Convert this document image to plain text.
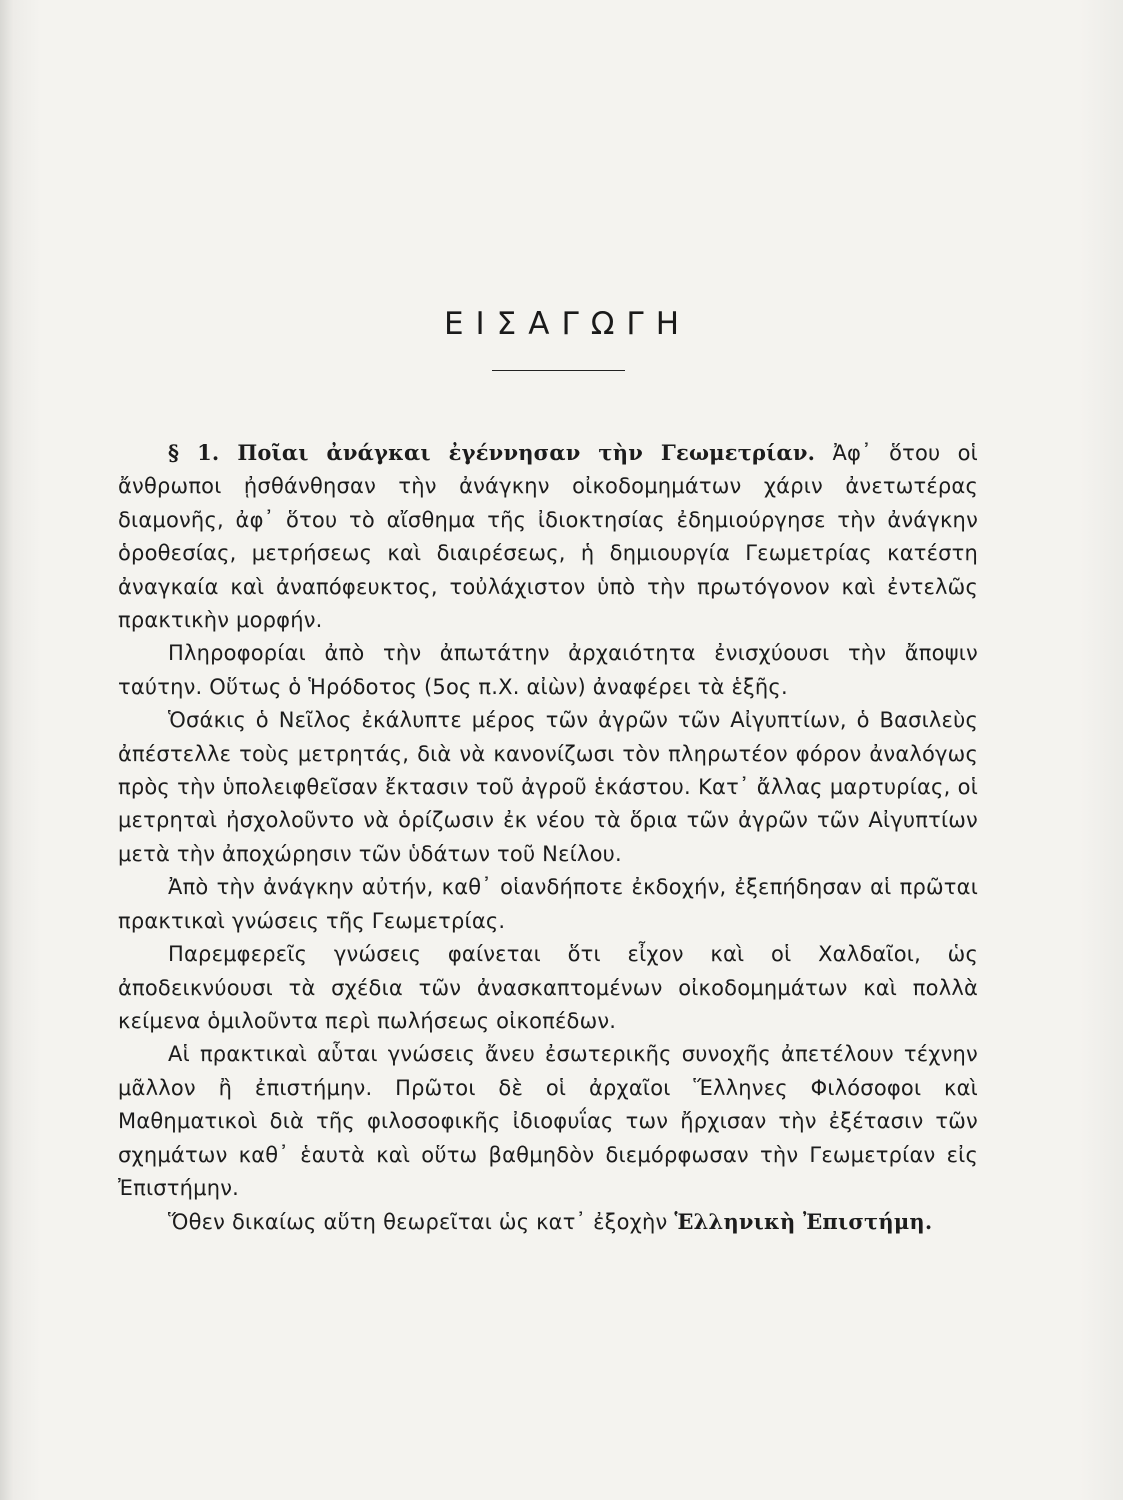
ΕΙΣΑΓΩΓΗ

§ 1. Ποῖαι ἀνάγκαι ἐγέννησαν τὴν Γεωμετρίαν. Ἀφ᾽ ὅτου οἱ ἄνθρωποι ᾐσθάνθησαν τὴν ἀνάγκην οἰκοδομημάτων χάριν ἀνετωτέρας διαμονῆς, ἀφ᾽ ὅτου τὸ αἴσθημα τῆς ἰδιοκτησίας ἐδημιούργησε τὴν ἀνάγκην ὁροθεσίας, μετρήσεως καὶ διαιρέσεως, ἡ δημιουργία Γεωμετρίας κατέστη ἀναγκαία καὶ ἀναπόφευκτος, τοὐλάχιστον ὑπὸ τὴν πρωτόγονον καὶ ἐντελῶς πρακτικὴν μορφήν.

Πληροφορίαι ἀπὸ τὴν ἀπωτάτην ἀρχαιότητα ἐνισχύουσι τὴν ἄποψιν ταύτην. Οὕτως ὁ Ἡρόδοτος (5ος π.Χ. αἰὼν) ἀναφέρει τὰ ἑξῆς.

Ὁσάκις ὁ Νεῖλος ἐκάλυπτε μέρος τῶν ἀγρῶν τῶν Αἰγυπτίων, ὁ Βασιλεὺς ἀπέστελλε τοὺς μετρητάς, διὰ νὰ κανονίζωσι τὸν πληρωτέον φόρον ἀναλόγως πρὸς τὴν ὑπολειφθεῖσαν ἔκτασιν τοῦ ἀγροῦ ἑκάστου. Κατ᾽ ἄλλας μαρτυρίας, οἱ μετρηταὶ ἠσχολοῦντο νὰ ὁρίζωσιν ἐκ νέου τὰ ὅρια τῶν ἀγρῶν τῶν Αἰγυπτίων μετὰ τὴν ἀποχώρησιν τῶν ὑδάτων τοῦ Νείλου.

Ἀπὸ τὴν ἀνάγκην αὐτήν, καθ᾽ οἱανδήποτε ἐκδοχήν, ἐξεπήδησαν αἱ πρῶται πρακτικαὶ γνώσεις τῆς Γεωμετρίας.

Παρεμφερεῖς γνώσεις φαίνεται ὅτι εἶχον καὶ οἱ Χαλδαῖοι, ὡς ἀποδεικνύουσι τὰ σχέδια τῶν ἀνασκαπτομένων οἰκοδομημάτων καὶ πολλὰ κείμενα ὁμιλοῦντα περὶ πωλήσεως οἰκοπέδων.

Αἱ πρακτικαὶ αὗται γνώσεις ἄνευ ἐσωτερικῆς συνοχῆς ἀπετέλουν τέχνην μᾶλλον ἢ ἐπιστήμην. Πρῶτοι δὲ οἱ ἀρχαῖοι Ἕλληνες Φιλόσοφοι καὶ Μαθηματικοὶ διὰ τῆς φιλοσοφικῆς ἰδιοφυΐας των ἤρχισαν τὴν ἐξέτασιν τῶν σχημάτων καθ᾽ ἑαυτὰ καὶ οὕτω βαθμηδὸν διεμόρφωσαν τὴν Γεωμετρίαν εἰς Ἐπιστήμην.

Ὅθεν δικαίως αὕτη θεωρεῖται ὡς κατ᾽ ἐξοχὴν Ἑλληνικὴ Ἐπιστήμη.
